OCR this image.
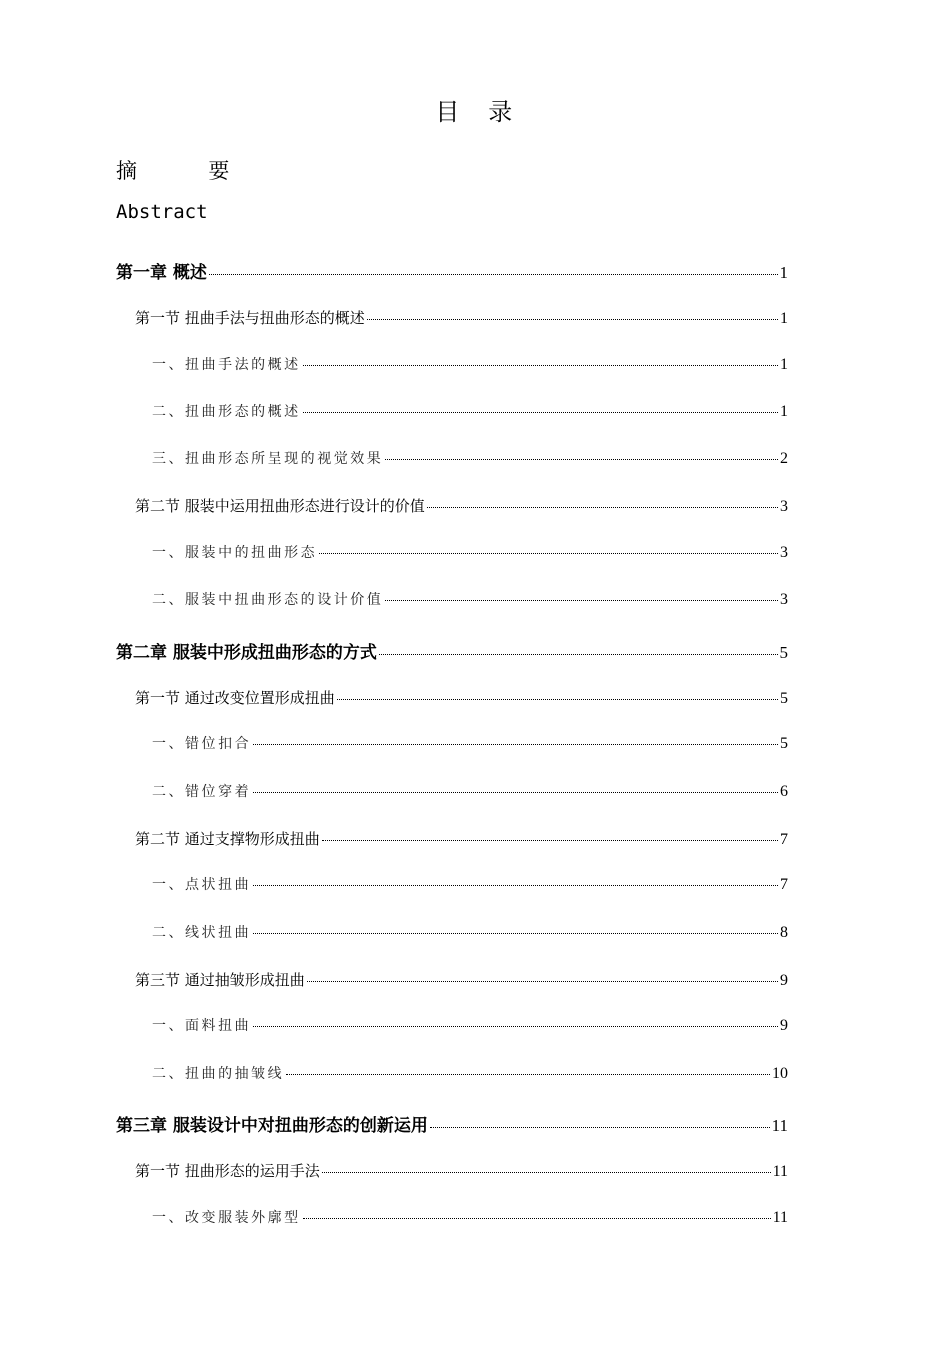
目　录
摘　要
Abstract
第一章 概述	1
第一节 扭曲手法与扭曲形态的概述	1
一、扭曲手法的概述	1
二、扭曲形态的概述	1
三、扭曲形态所呈现的视觉效果	2
第二节 服装中运用扭曲形态进行设计的价值	3
一、服装中的扭曲形态	3
二、服装中扭曲形态的设计价值	3
第二章 服装中形成扭曲形态的方式	5
第一节 通过改变位置形成扭曲	5
一、错位扣合	5
二、错位穿着	6
第二节 通过支撑物形成扭曲	7
一、点状扭曲	7
二、线状扭曲	8
第三节 通过抽皱形成扭曲	9
一、面料扭曲	9
二、扭曲的抽皱线	10
第三章 服装设计中对扭曲形态的创新运用	11
第一节 扭曲形态的运用手法	11
一、改变服装外廓型	11
